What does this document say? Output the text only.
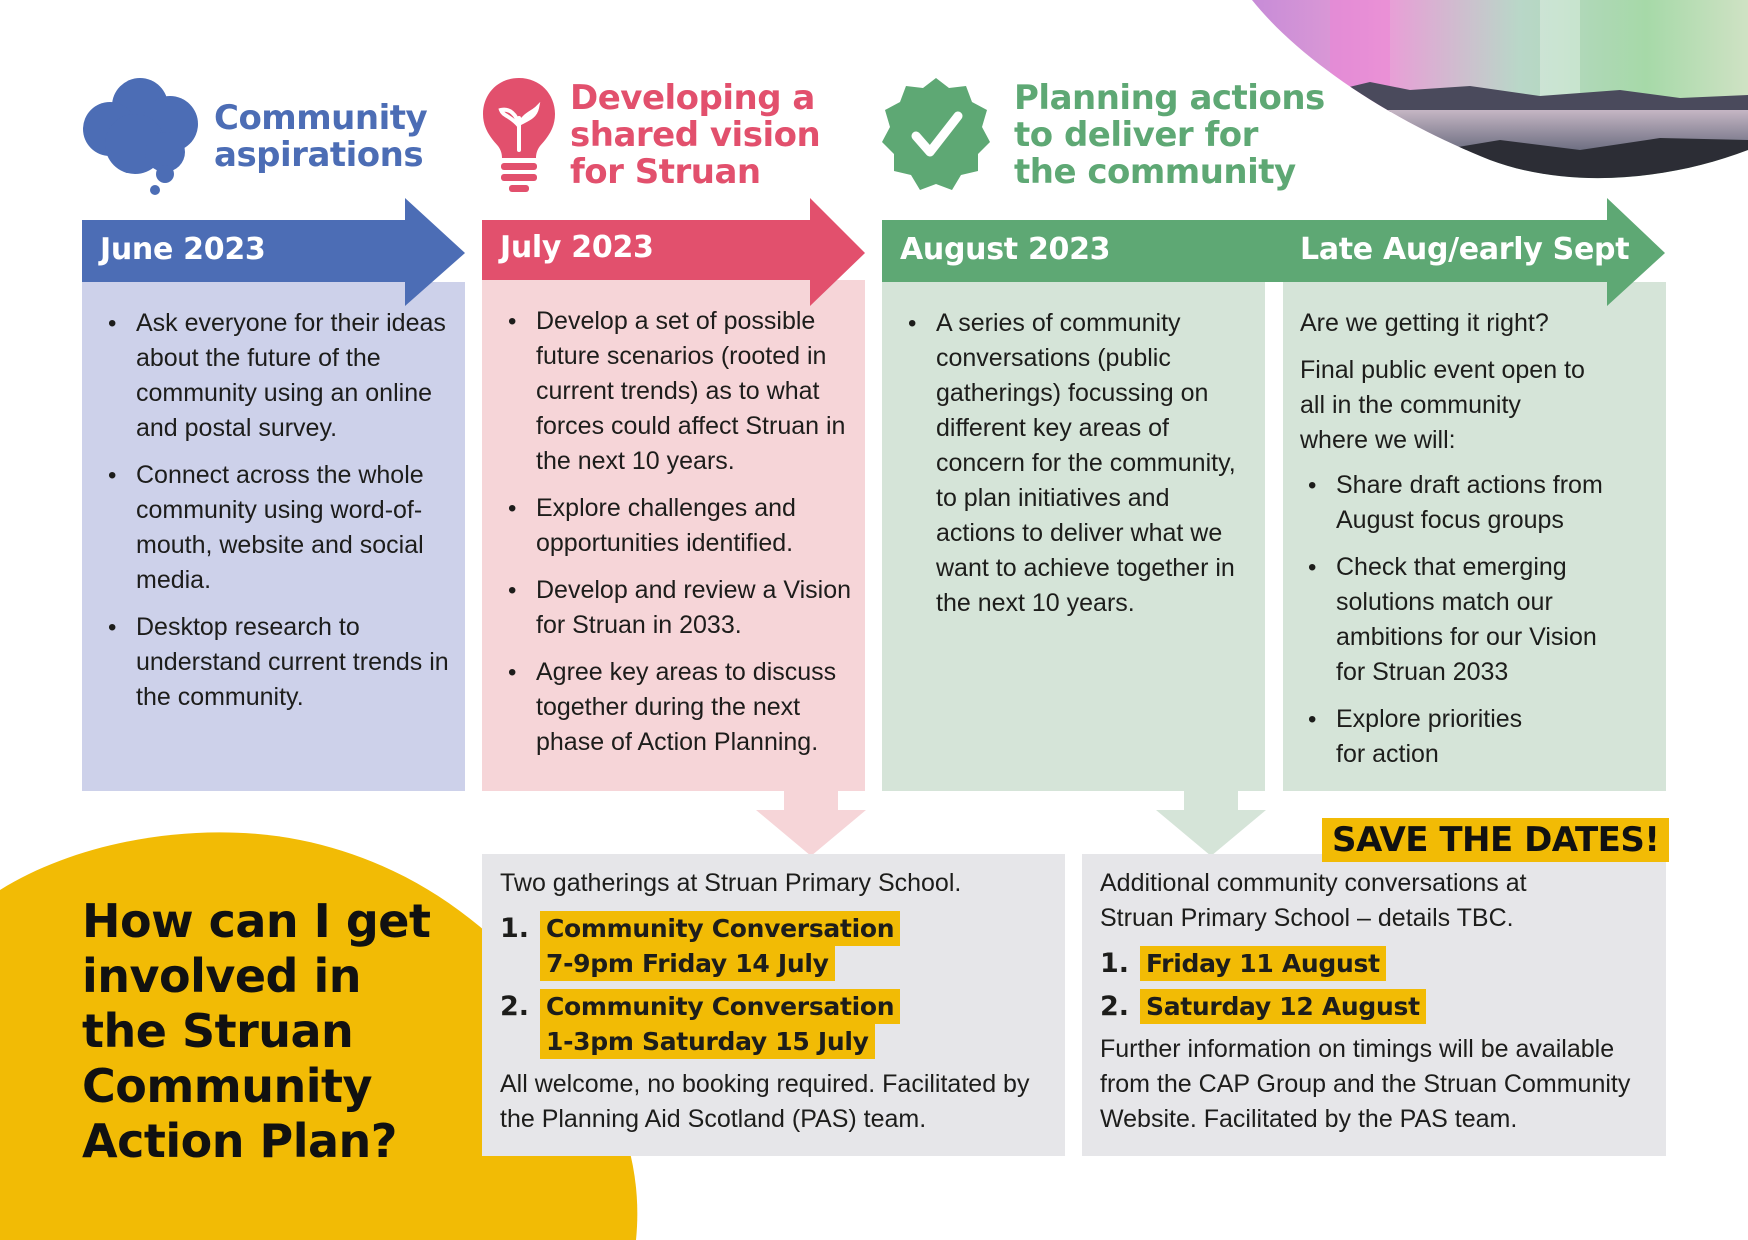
Community
aspirations
Developing a
shared vision
for Struan
Planning actions
to deliver for
the community
June 2023	July 2023	August 2023	Late Aug/early Sept
• Ask everyone for their ideas about the future of the community using an online and postal survey.
• Connect across the whole community using word-of-mouth, website and social media.
• Desktop research to understand current trends in the community.
• Develop a set of possible future scenarios (rooted in current trends) as to what forces could affect Struan in the next 10 years.
• Explore challenges and opportunities identified.
• Develop and review a Vision for Struan in 2033.
• Agree key areas to discuss together during the next phase of Action Planning.
• A series of community conversations (public gatherings) focussing on different key areas of concern for the community, to plan initiatives and actions to deliver what we want to achieve together in the next 10 years.

Are we getting it right?

Final public event open to all in the community where we will:

• Share draft actions from August focus groups
• Check that emerging solutions match our ambitions for our Vision for Struan 2033
• Explore priorities for action
How can I get involved in the Struan Community Action Plan?

Two gatherings at Struan Primary School.

1. Community Conversation
7-9pm Friday 14 July
2. Community Conversation
1-3pm Saturday 15 July

All welcome, no booking required. Facilitated by the Planning Aid Scotland (PAS) team.

Additional community conversations at Struan Primary School – details TBC.

1. Friday 11 August
2. Saturday 12 August

Further information on timings will be available from the CAP Group and the Struan Community Website. Facilitated by the PAS team.

SAVE THE DATES!
